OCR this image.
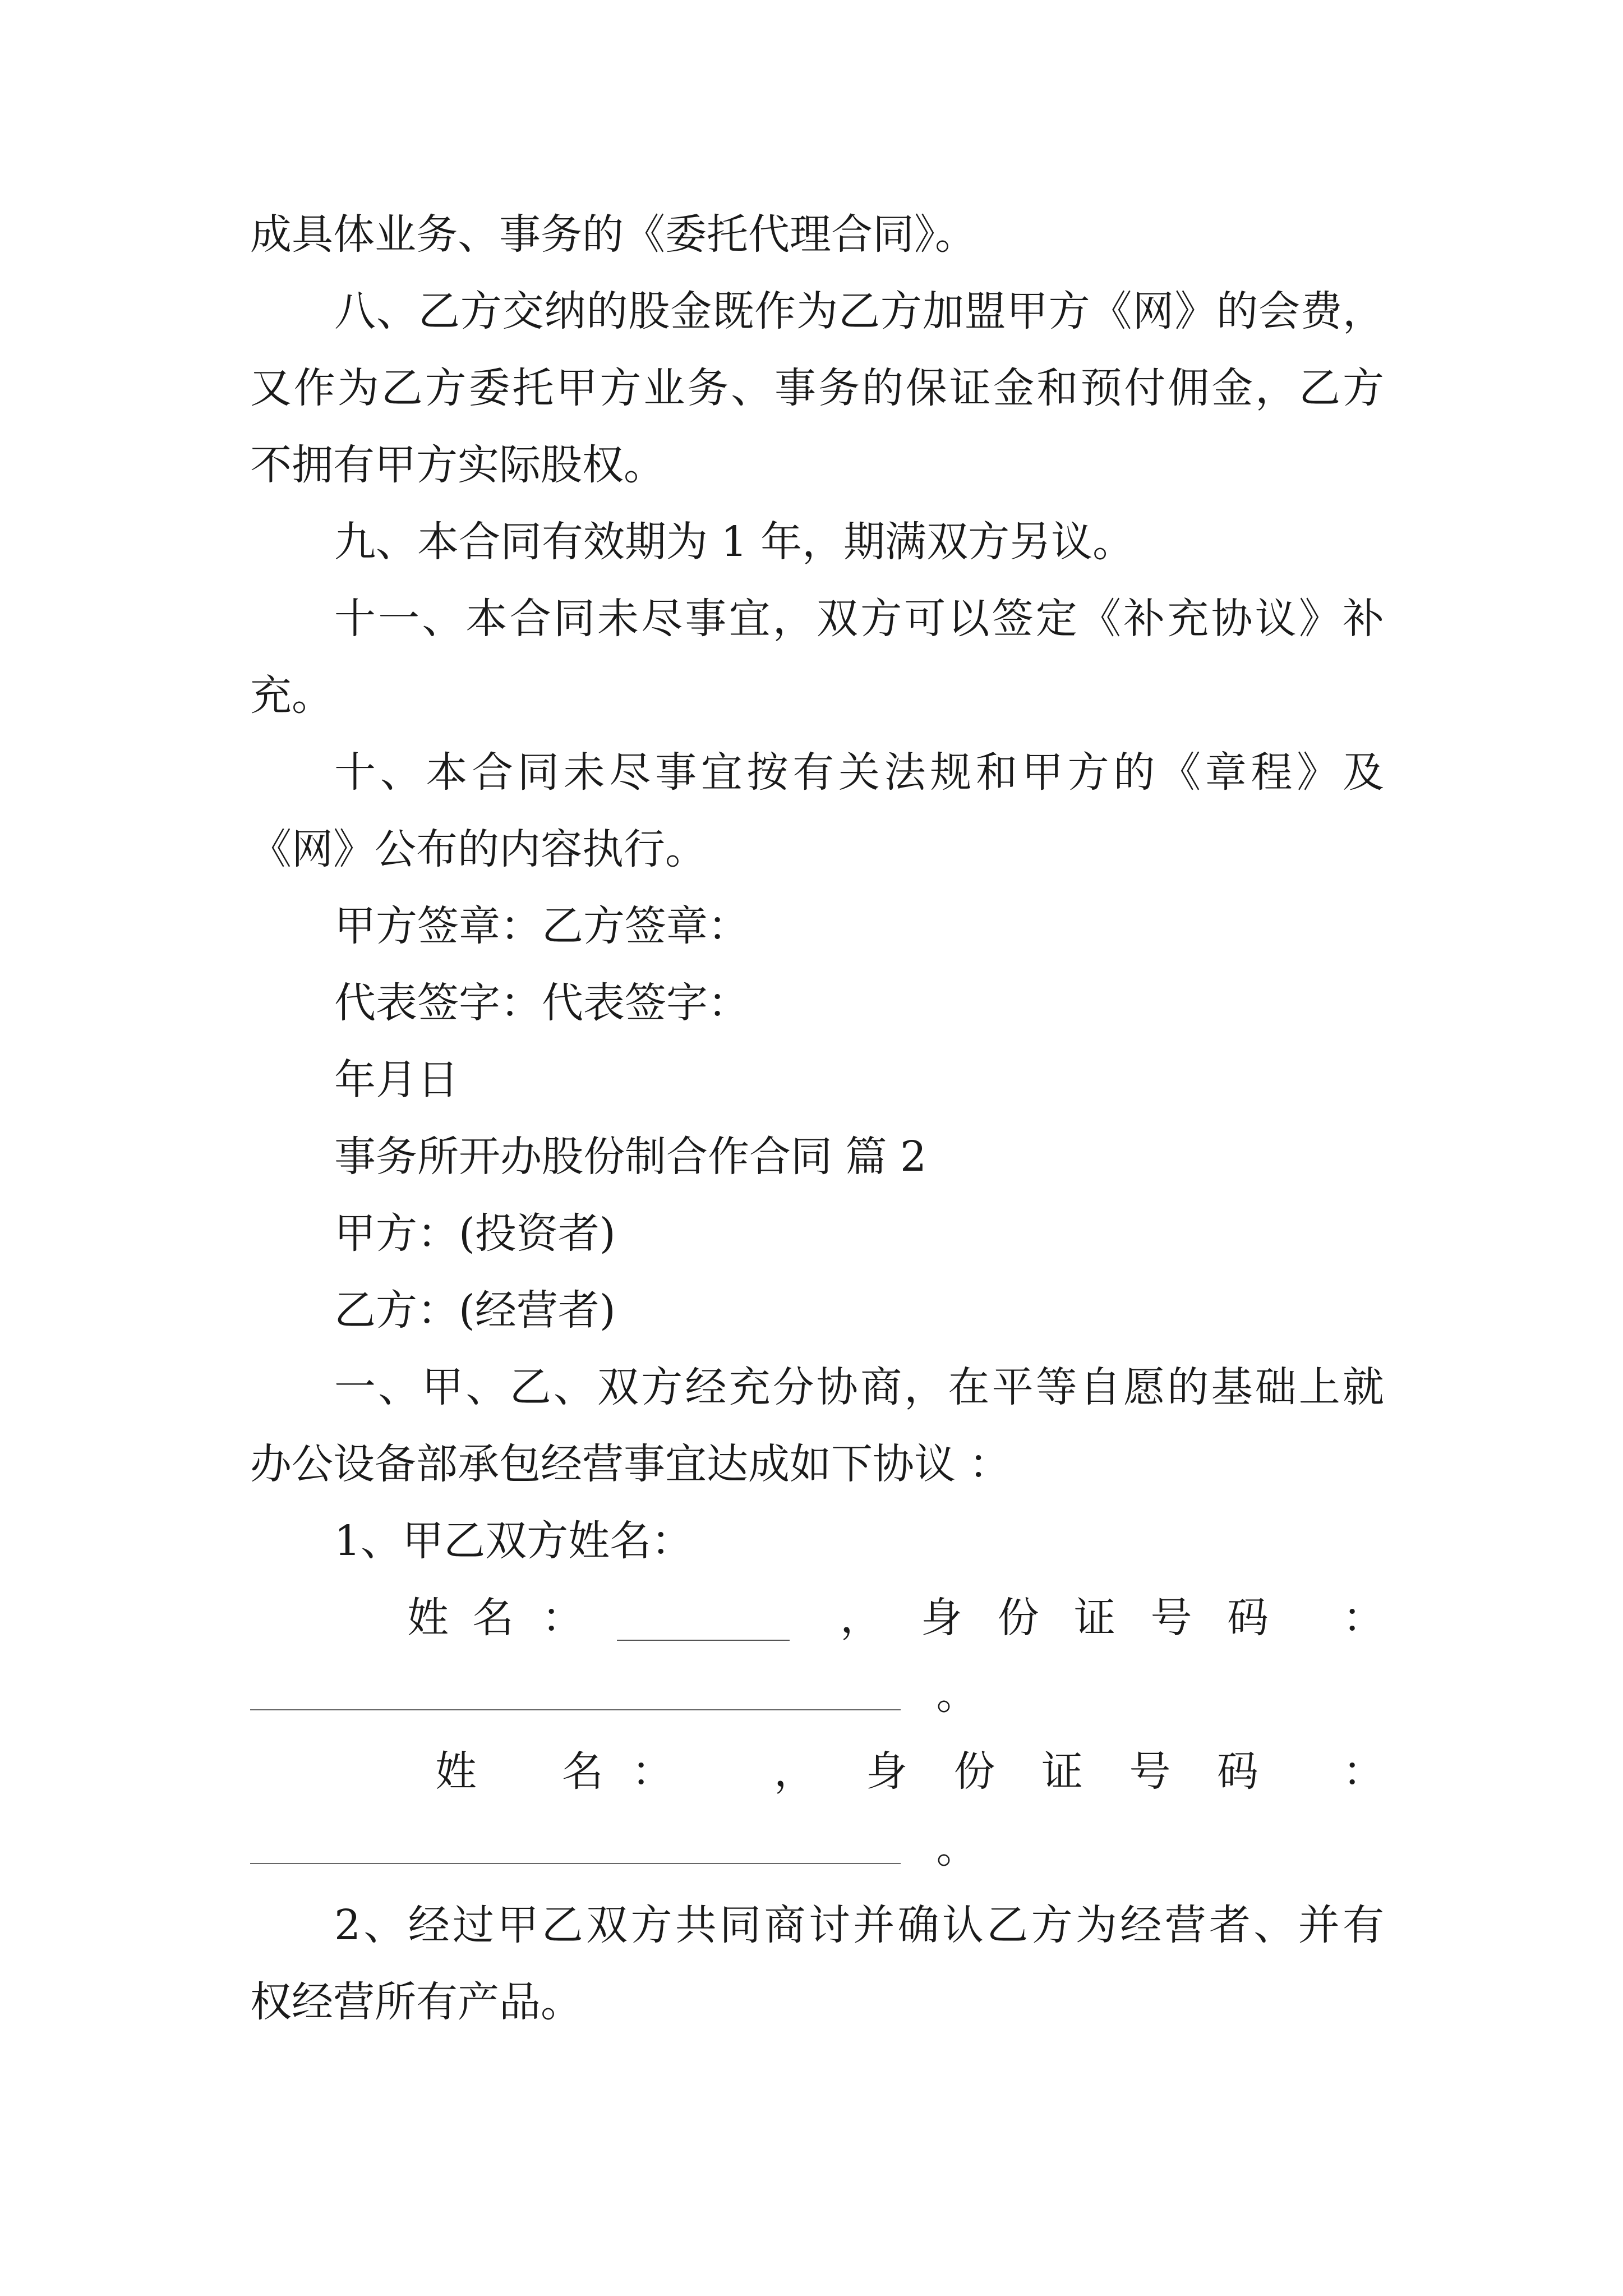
成具体业务、事务的《委托代理合同》。
八、乙方交纳的股金既作为乙方加盟甲方《网》的会费，
又作为乙方委托甲方业务、事务的保证金和预付佣金，乙方
不拥有甲方实际股权。
九、本合同有效期为 1 年，期满双方另议。
十一、本合同未尽事宜，双方可以签定《补充协议》补
充。
十、本合同未尽事宜按有关法规和甲方的《章程》及
《网》公布的内容执行。
甲方签章：乙方签章：
代表签字：代表签字：
年月日
事务所开办股份制合作合同 篇 2
甲方：(投资者)
乙方：(经营者)
一、甲、乙、双方经充分协商，在平等自愿的基础上就
办公设备部承包经营事宜达成如下协议 ：
1、甲乙双方姓名：
姓 名 ：	， 身 份 证 号 码 ：
。
姓 名 ： ， 身 份 证 号 码 ：
。
2、经过甲乙双方共同商讨并确认乙方为经营者、并有
权经营所有产品。
